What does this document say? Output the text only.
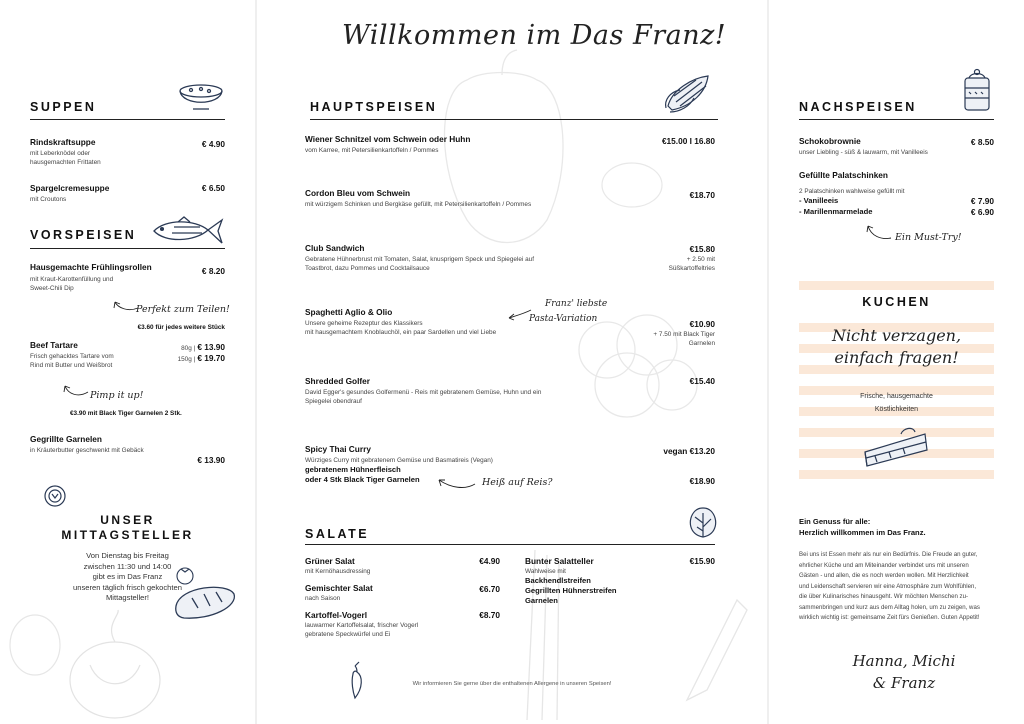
SUPPEN
Rindskraftsuppe
mit Leberknödel oder hausgemachten Frittaten
€ 4.90
Spargelcremesuppe
mit Croutons
€ 6.50
VORSPEISEN
Hausgemachte Frühlingsrollen
mit Kraut-Karottenfüllung und Sweet-Chili Dip
€ 8.20
Perfekt zum Teilen!
€3.60 für jedes weitere Stück
Beef Tartare
Frisch gehacktes Tartare vom Rind mit Butter und Weißbrot
80g | € 13.90
150g | € 19.70
Pimp it up!
€3.90 mit Black Tiger Garnelen 2 Stk.
Gegrillte Garnelen
in Kräuterbutter geschwenkt mit Gebäck
€ 13.90
UNSER
MITTAGSTELLER
Von Dienstag bis Freitag
zwischen 11:30 und 14:00
gibt es im Das Franz
unseren täglich frisch gekochten
Mittagsteller!
Willkommen im Das Franz!
HAUPTSPEISEN
Wiener Schnitzel vom Schwein oder Huhn
vom Karree, mit Petersilienkartoffeln / Pommes
€15.00 I 16.80
Cordon Bleu vom Schwein
mit würzigem Schinken und Bergkäse gefüllt, mit Petersilienkartoffeln / Pommes
€18.70
Club Sandwich
Gebratene Hühnerbrust mit Tomaten, Salat, knusprigem Speck und Spiegelei auf
Toastbrot, dazu Pommes und Cocktailsauce
€15.80
+ 2.50 mit
Süßkartoffeltries
Spaghetti Aglio & Olio
Unsere geheime Rezeptur des Klassikers
mit hausgemachtem Knoblauchöl, ein paar Sardellen und viel Liebe
Franz' liebste
Pasta-Variation	€10.90
+ 7.50 mit Black Tiger
Garnelen
Shredded Golfer
David Egger's gesundes Golfermenü - Reis mit gebratenem Gemüse, Huhn und ein
Spiegelei obendrauf
€15.40
Spicy Thai Curry
Würziges Curry mit gebratenem Gemüse und Basmatireis (Vegan)
vegan €13.20
gebratenem Hühnerfleisch
oder 4 Stk Black Tiger Garnelen	Heiß auf Reis?	€18.90
SALATE
Grüner Salat
mit Kernöhausdressing
€4.90
Gemischter Salat
nach Saison
€6.70
Kartoffel-Vogerl
lauwarmer Kartoffelsalat, frischer Vogerl
gebratene Speckwürfel und Ei
€8.70
Bunter Salatteller
Wahlweise mit
€15.90
Backhendlstreifen
Gegrillten Hühnerstreifen
Garnelen
Wir informieren Sie gerne über die enthaltenen Allergene in unseren Speisen!
NACHSPEISEN
Schokobrownie
unser Liebling - süß & lauwarm, mit Vanilleeis
€ 8.50
Gefüllte Palatschinken
2 Palatschinken wahlweise gefüllt mit
- Vanilleeis	€ 7.90
- Marillenmarmelade	€ 6.90
Ein Must-Try!
KUCHEN
Nicht verzagen,
einfach fragen!
Frische, hausgemachte
Köstlichkeiten
Ein Genuss für alle:
Herzlich willkommen im Das Franz.
Bei uns ist Essen mehr als nur ein Bedürfnis. Die Freude an guter,
ehrlicher Küche und am Miteinander verbindet uns mit unseren
Gästen - und allen, die es noch werden wollen. Mit Herzlichkeit
und Leidenschaft servieren wir eine Atmosphäre zum Wohlfühlen,
die über Kulinarisches hinausgeht. Wir möchten Menschen zu-
sammenbringen und kurz aus dem Alltag holen, um zu zeigen, was
wirklich wichtig ist: gemeinsame Zeit fürs Genießen. Guten Appetit!
Hanna, Michi
& Franz
